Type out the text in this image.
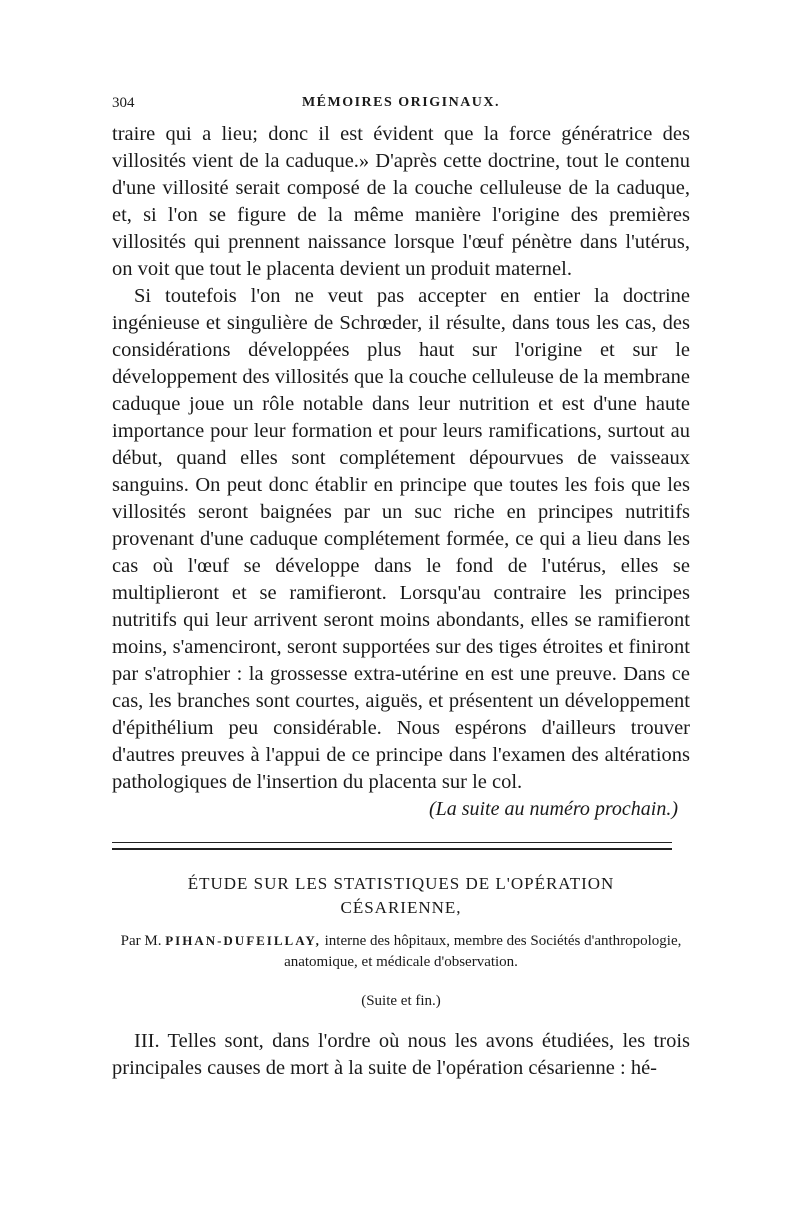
304	MÉMOIRES ORIGINAUX.

traire qui a lieu; donc il est évident que la force génératrice des villosités vient de la caduque.» D'après cette doctrine, tout le contenu d'une villosité serait composé de la couche celluleuse de la caduque, et, si l'on se figure de la même manière l'origine des premières villosités qui prennent naissance lorsque l'œuf pénètre dans l'utérus, on voit que tout le placenta devient un produit maternel.

Si toutefois l'on ne veut pas accepter en entier la doctrine ingénieuse et singulière de Schrœder, il résulte, dans tous les cas, des considérations développées plus haut sur l'origine et sur le développement des villosités que la couche celluleuse de la membrane caduque joue un rôle notable dans leur nutrition et est d'une haute importance pour leur formation et pour leurs ramifications, surtout au début, quand elles sont complétement dépourvues de vaisseaux sanguins. On peut donc établir en principe que toutes les fois que les villosités seront baignées par un suc riche en principes nutritifs provenant d'une caduque complétement formée, ce qui a lieu dans les cas où l'œuf se développe dans le fond de l'utérus, elles se multiplieront et se ramifieront. Lorsqu'au contraire les principes nutritifs qui leur arrivent seront moins abondants, elles se ramifieront moins, s'amenciront, seront supportées sur des tiges étroites et finiront par s'atrophier : la grossesse extra-utérine en est une preuve. Dans ce cas, les branches sont courtes, aiguës, et présentent un développement d'épithélium peu considérable. Nous espérons d'ailleurs trouver d'autres preuves à l'appui de ce principe dans l'examen des altérations pathologiques de l'insertion du placenta sur le col.

(La suite au numéro prochain.)

ÉTUDE SUR LES STATISTIQUES DE L'OPÉRATION
CÉSARIENNE,
Par M. PIHAN-DUFEILLAY, interne des hôpitaux, membre des Sociétés d'anthropologie, anatomique, et médicale d'observation.
(Suite et fin.)

III. Telles sont, dans l'ordre où nous les avons étudiées, les trois principales causes de mort à la suite de l'opération césarienne : hé-
